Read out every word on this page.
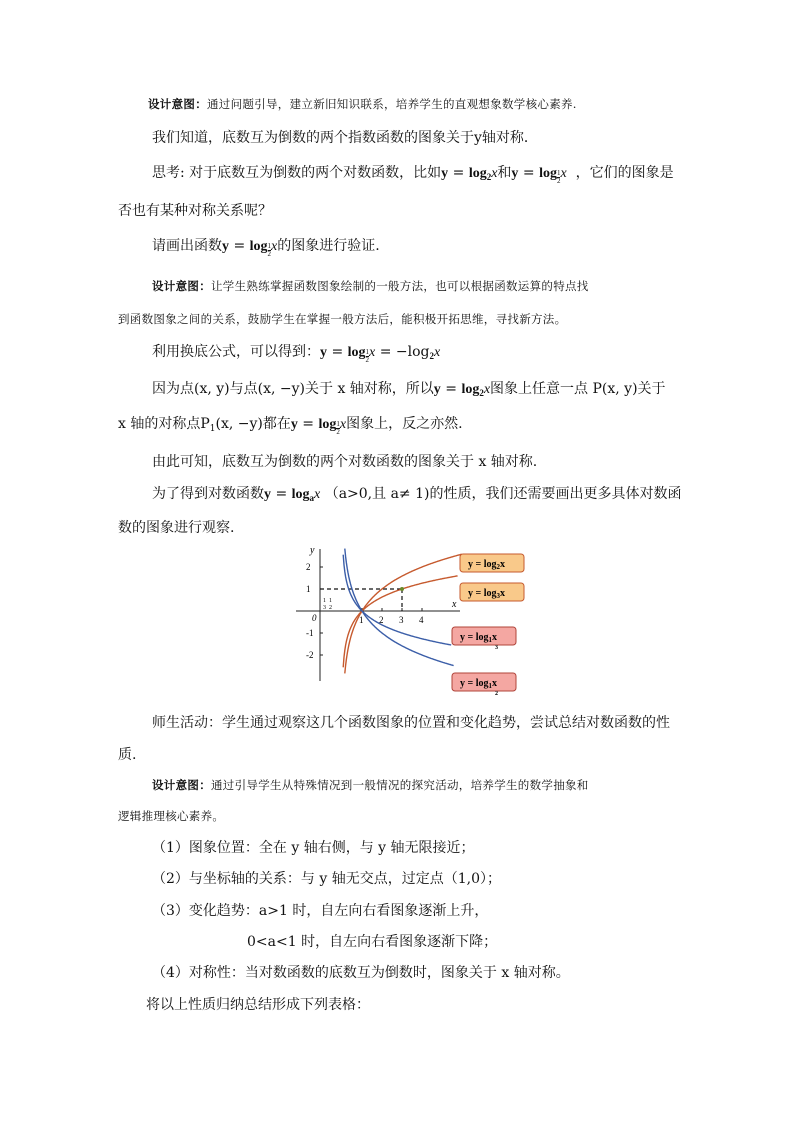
设计意图：通过问题引导，建立新旧知识联系，培养学生的直观想象数学核心素养.
我们知道，底数互为倒数的两个指数函数的图象关于y轴对称．
思考: 对于底数互为倒数的两个对数函数，比如$y = \log_2x$和$y = \log \frac{1}{2}$ x ，它们的图象是
否也有某种对称关系呢？
请画出函数$y = \log \frac{1}{2}$ x的图象进行验证.
设计意图：让学生熟练掌握函数图象绘制的一般方法，也可以根据函数运算的特点找
到函数图象之间的关系，鼓励学生在掌握一般方法后，能积极开拓思维，寻找新方法。
利用换底公式，可以得到：$y = \log \frac{1}{2}$ $x = -\log_2x$
因为点(x, y)与点(x, −y)关于 x 轴对称，所以$y = \log_2x$图象上任意一点 P(x, y)关于
x 轴的对称点$P_1(x$, −y)都在$y = \log \frac{1}{2}$ x图象上，反之亦然.
由此可知，底数互为倒数的两个对数函数的图象关于 x 轴对称.
为了得到对数函数$y = \log_ax$ （a>0,且 a≠ 1)的性质，我们还需要画出更多具体对数函
数的图象进行观察.
x
y
0	1 2 3 4
2
1
-1
-2
1 1
3 2
$y = \log_2x$
$y = \log_3x$
$y = \log_1x$
3
$y = \log_1x$
2
师生活动：学生通过观察这几个函数图象的位置和变化趋势，尝试总结对数函数的性
质.
设计意图：通过引导学生从特殊情况到一般情况的探究活动，培养学生的数学抽象和
逻辑推理核心素养。
（1）图象位置：全在 y 轴右侧，与 y 轴无限接近；
（2）与坐标轴的关系：与 y 轴无交点，过定点（1,0）；
（3）变化趋势：a>1 时，自左向右看图象逐渐上升，
0<a<1 时，自左向右看图象逐渐下降；
（4）对称性：当对数函数的底数互为倒数时，图象关于 x 轴对称。
将以上性质归纳总结形成下列表格：
